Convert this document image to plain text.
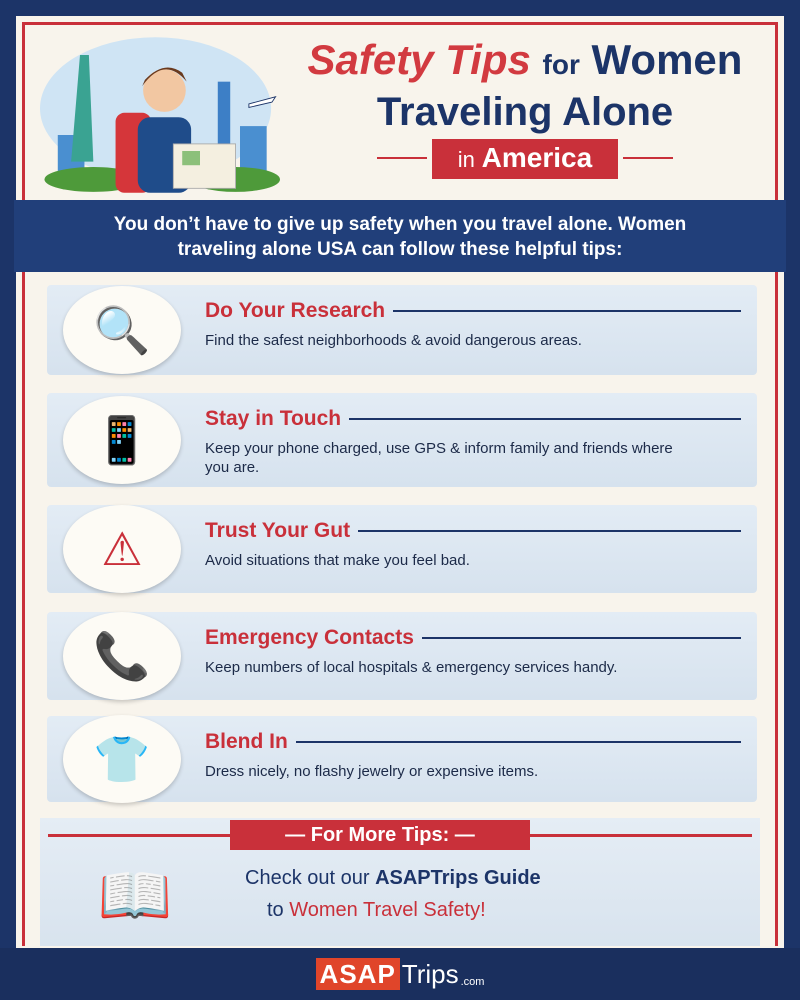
Safety Tips for Women
Traveling Alone
in America
You don’t have to give up safety when you travel alone. Women traveling alone USA can follow these helpful tips:
🔍	Do Your Research
Find the safest neighborhoods & avoid dangerous areas.
📱	Stay in Touch
Keep your phone charged, use GPS & inform family and friends where you are.
⚠	Trust Your Gut
Avoid situations that make you feel bad.
📞	Emergency Contacts
Keep numbers of local hospitals & emergency services handy.
👕	Blend In
Dress nicely, no flashy jewelry or expensive items.
— For More Tips: —
📖	Check out our ASAPTrips Guide
to Women Travel Safety!
ASAP Trips .com
